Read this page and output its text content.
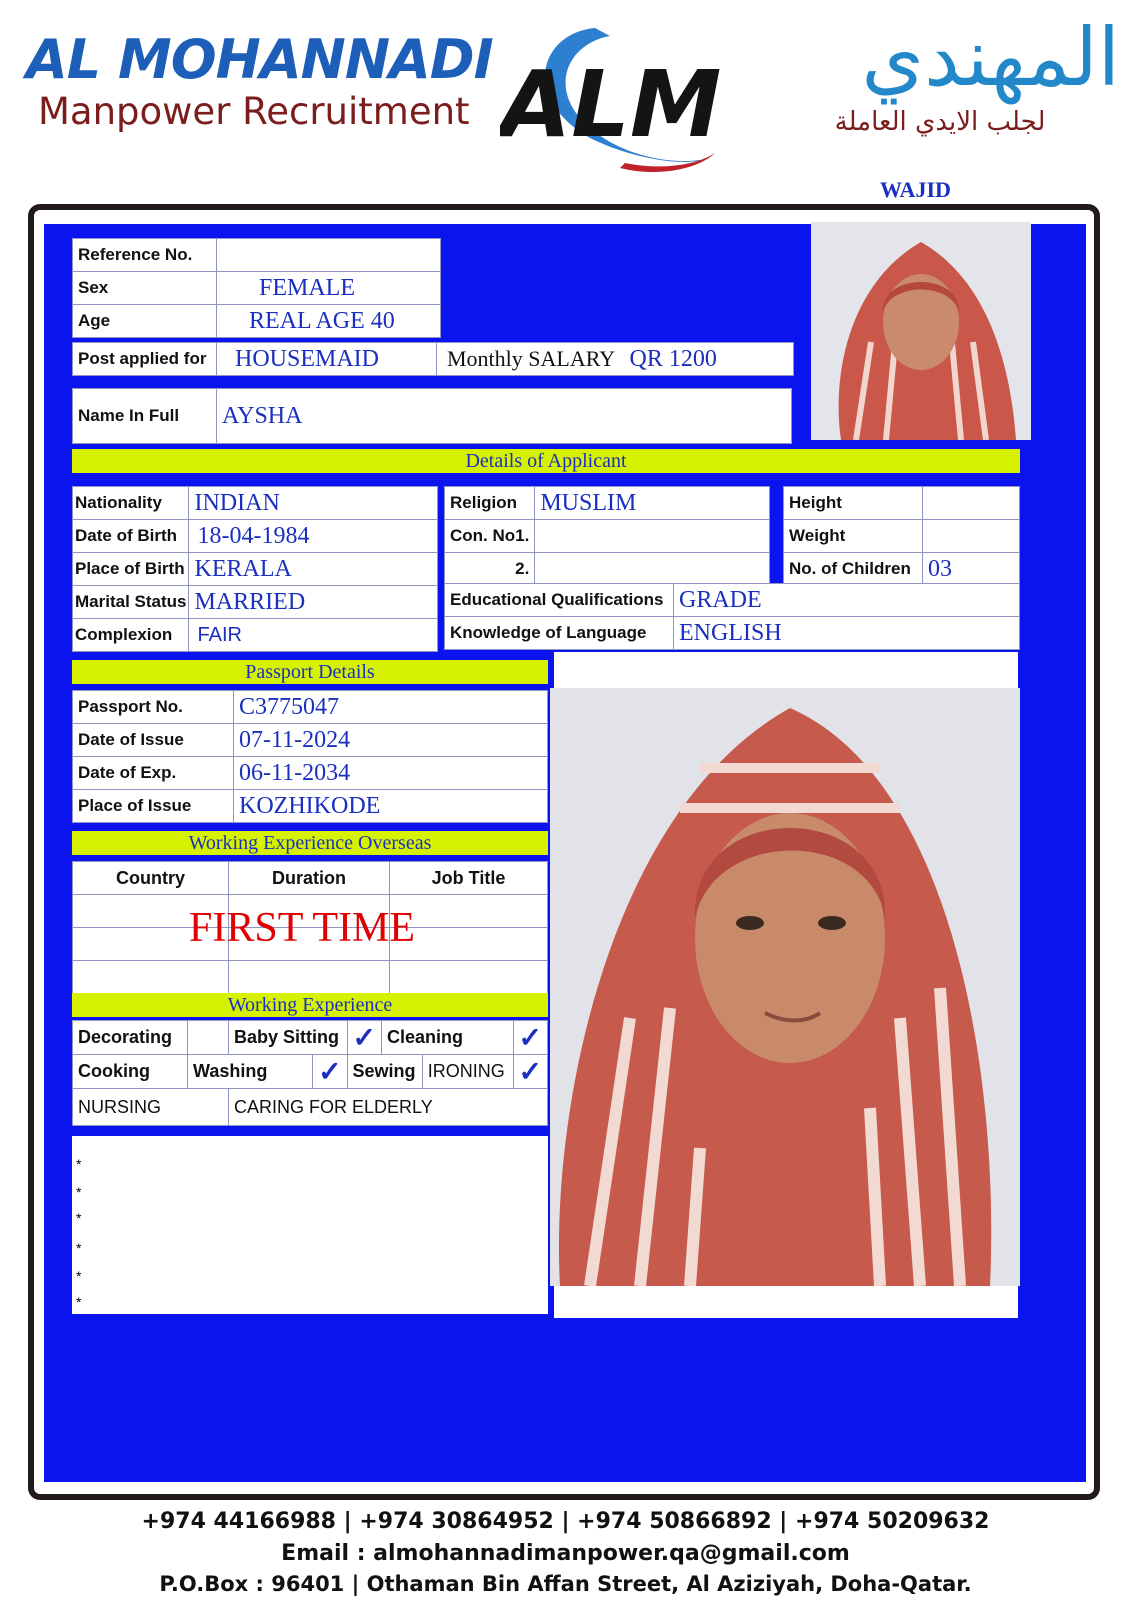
AL MOHANNADI
Manpower Recruitment ALM	المهندي
لجلب الايدي العاملة
WAJID
Reference No.	
Sex	FEMALE
Age	REAL AGE 40
Post applied for	HOUSEMAID	Monthly SALARY QR 1200
Name In Full	AYSHA
Details of Applicant
Nationality	INDIAN
Date of Birth	18-04-1984
Place of Birth	KERALA
Marital Status	MARRIED
Complexion	FAIR
Religion	MUSLIM
Con. No1.	
2.	
Height	
Weight	
No. of Children	03
Educational Qualifications	GRADE
Knowledge of Language	ENGLISH
Passport Details
Passport No.	C3775047
Date of Issue	07-11-2024
Date of Exp.	06-11-2034
Place of Issue	KOZHIKODE
Working Experience Overseas
Country	Duration	Job Title

FIRST TIME
Working Experience
Decorating		Baby Sitting		✓	Cleaning		✓
Cooking	Washing		✓	Sewing		IRONING	✓
NURSING		CARING FOR ELDERLY					
*
*
*
*
*
*
+974 44166988 | +974 30864952 | +974 50866892 | +974 50209632
Email : almohannadimanpower.qa@gmail.com
P.O.Box : 96401 | Othaman Bin Affan Street, Al Aziziyah, Doha-Qatar.
